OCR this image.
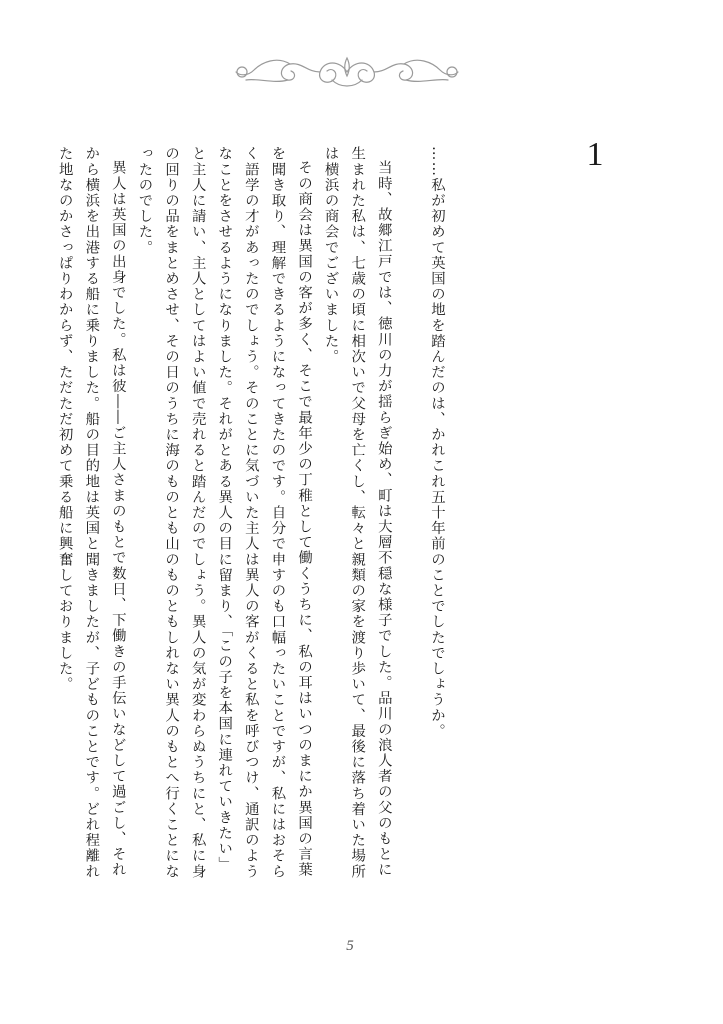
1

……私が初めて英国の地を踏んだのは、かれこれ五十年前のことでしたでしょうか。

当時、故郷江戸では、徳川の力が揺らぎ始め、町は大層不穏な様子でした。品川の浪人者の父のもとに生まれた私は、七歳の頃に相次いで父母を亡くし、転々と親類の家を渡り歩いて、最後に落ち着いた場所は横浜の商会でございました。

その商会は異国の客が多く、そこで最年少の丁稚として働くうちに、私の耳はいつのまにか異国の言葉を聞き取り、理解できるようになってきたのです。自分で申すのも口幅ったいことですが、私にはおそらく語学の才があったのでしょう。そのことに気づいた主人は異人の客がくると私を呼びつけ、通訳のようなことをさせるようになりました。それがとある異人の目に留まり、「この子を本国に連れていきたい」と主人に請い、主人としてはよい値で売れると踏んだのでしょう。異人の気が変わらぬうちにと、私に身の回りの品をまとめさせ、その日のうちに海のものとも山のものともしれない異人のもとへ行くことになったのでした。

異人は英国の出身でした。私は彼――ご主人さまのもとで数日、下働きの手伝いなどして過ごし、それから横浜を出港する船に乗りました。船の目的地は英国と聞きましたが、子どものことです。どれ程離れた地なのかさっぱりわからず、ただただ初めて乗る船に興奮しておりました。

5
